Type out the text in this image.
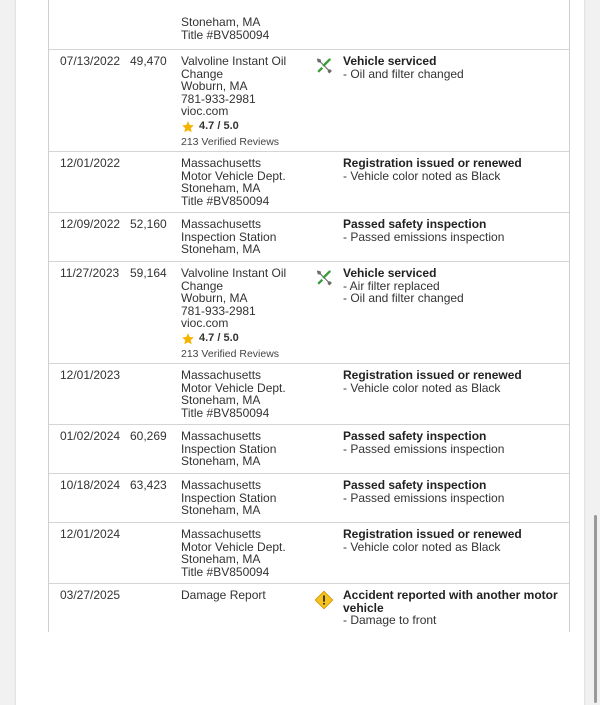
Stoneham, MA
Title #BV850094
07/13/2022 49,470 Valvoline Instant Oil
Change
Woburn, MA
781-933-2981
vioc.com
4.7 / 5.0
213 Verified Reviews
Vehicle serviced
- Oil and filter changed
12/01/2022	Massachusetts
Motor Vehicle Dept.
Stoneham, MA
Title #BV850094
Registration issued or renewed
- Vehicle color noted as Black
12/09/2022 52,160 Massachusetts
Inspection Station
Stoneham, MA
Passed safety inspection
- Passed emissions inspection
11/27/2023 59,164 Valvoline Instant Oil
Change
Woburn, MA
781-933-2981
vioc.com
4.7 / 5.0
213 Verified Reviews
Vehicle serviced
- Air filter replaced
- Oil and filter changed
12/01/2023	Massachusetts
Motor Vehicle Dept.
Stoneham, MA
Title #BV850094
Registration issued or renewed
- Vehicle color noted as Black
01/02/2024 60,269 Massachusetts
Inspection Station
Stoneham, MA
Passed safety inspection
- Passed emissions inspection
10/18/2024 63,423 Massachusetts
Inspection Station
Stoneham, MA
Passed safety inspection
- Passed emissions inspection
12/01/2024	Massachusetts
Motor Vehicle Dept.
Stoneham, MA
Title #BV850094
Registration issued or renewed
- Vehicle color noted as Black
03/27/2025	Damage Report	Accident reported with another motor vehicle
- Damage to front
